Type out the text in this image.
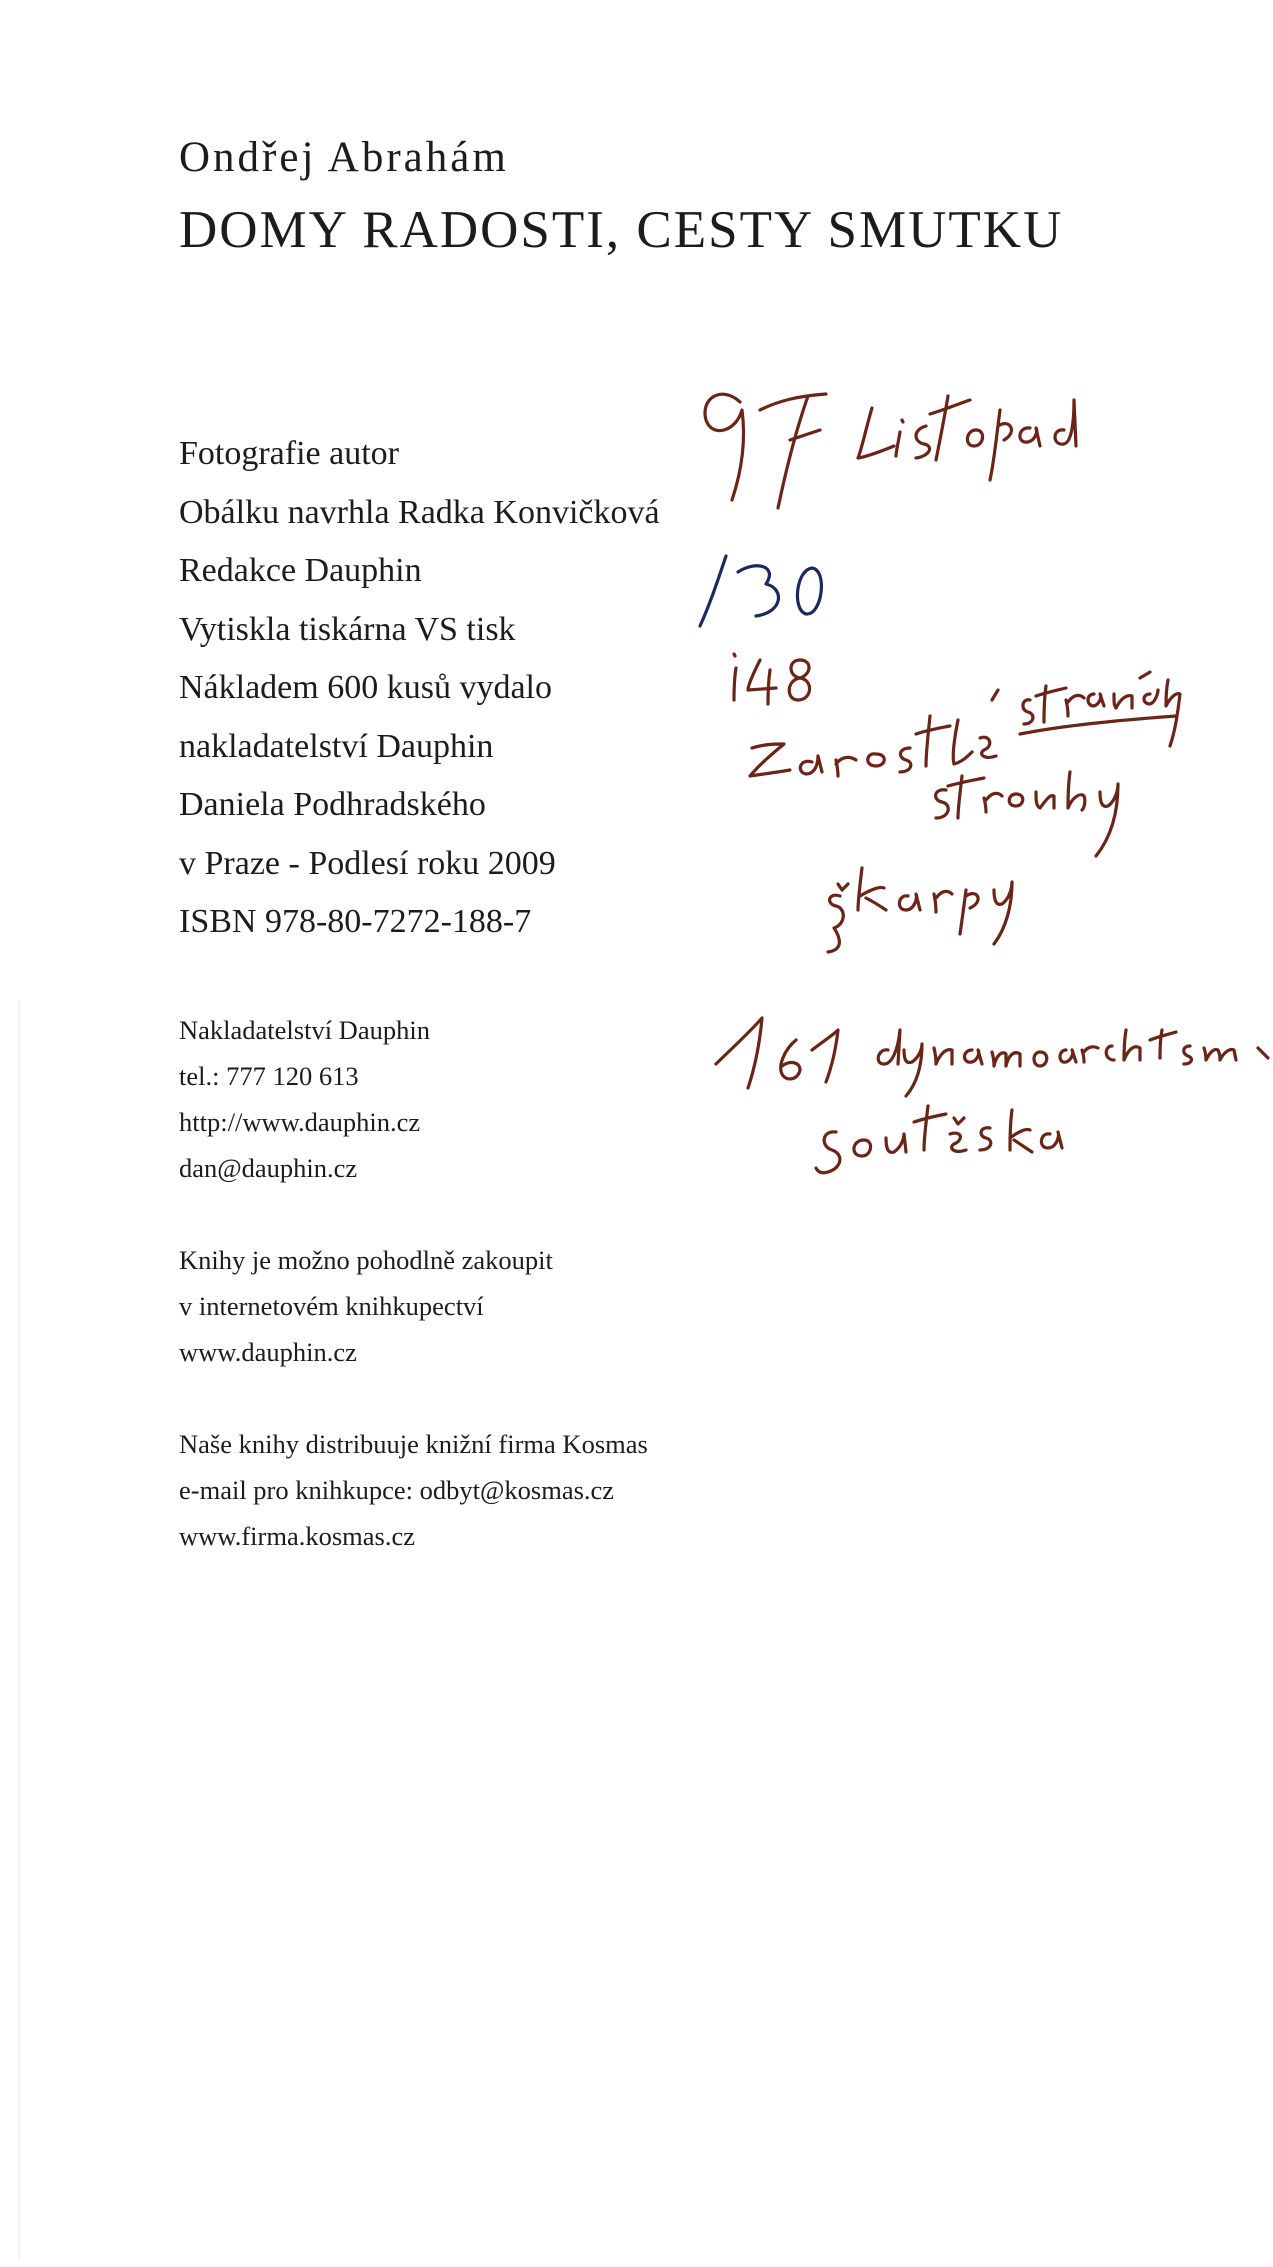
Ondřej Abrahám
DOMY RADOSTI, CESTY SMUTKU
Fotografie autor
Obálku navrhla Radka Konvičková
Redakce Dauphin
Vytiskla tiskárna VS tisk
Nákladem 600 kusů vydalo
nakladatelství Dauphin
Daniela Podhradského
v Praze - Podlesí roku 2009
ISBN 978-80-7272-188-7
Nakladatelství Dauphin
tel.: 777 120 613
http://www.dauphin.cz
dan@dauphin.cz
Knihy je možno pohodlně zakoupit
v internetovém knihkupectví
www.dauphin.cz
Naše knihy distribuuje knižní firma Kosmas
e-mail pro knihkupce: odbyt@kosmas.cz
www.firma.kosmas.cz
